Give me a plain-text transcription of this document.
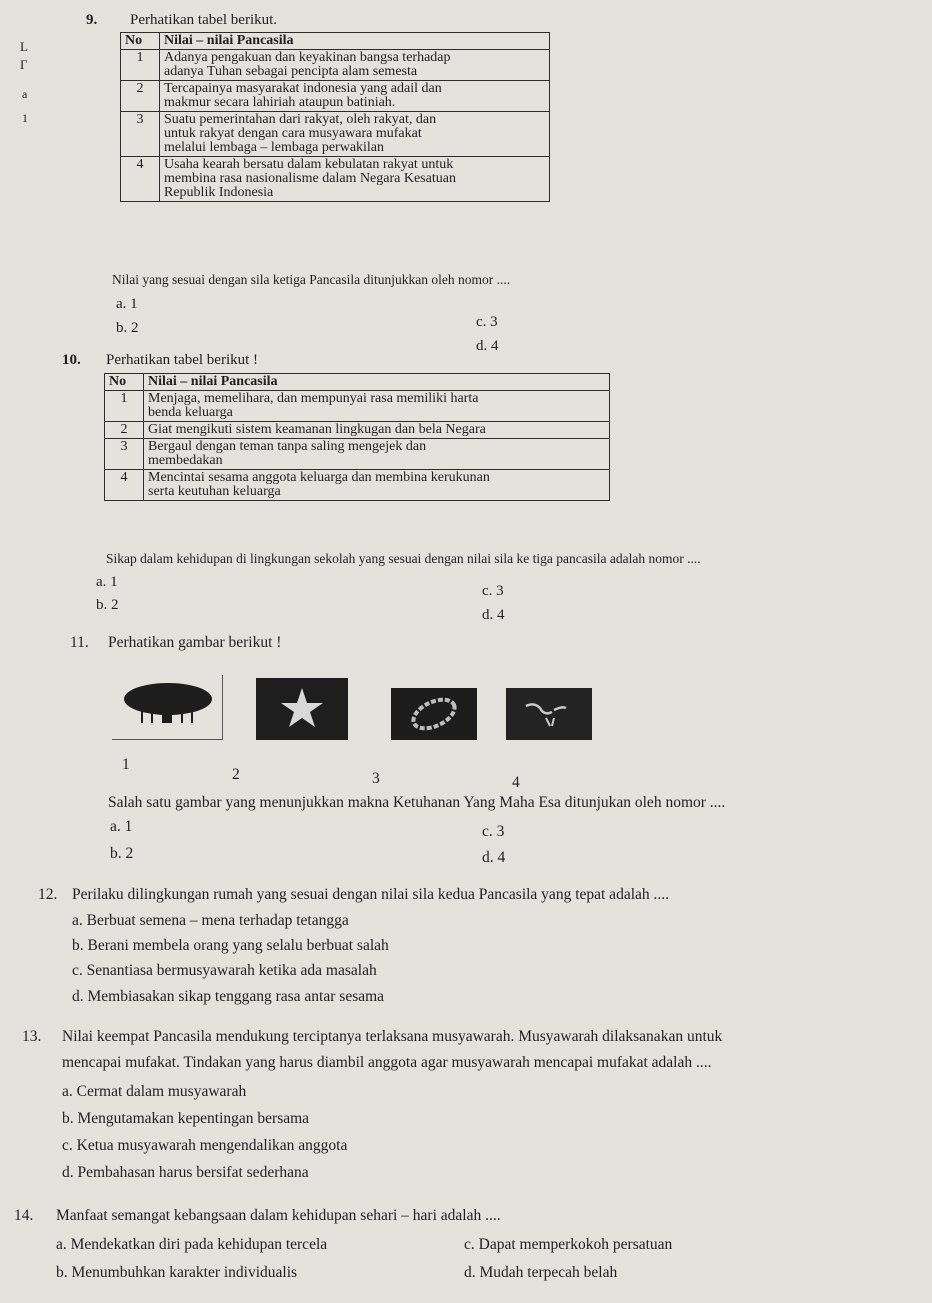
L
Γ
a
1
9. Perhatikan tabel berikut.
No	Nilai – nilai Pancasila
1	Adanya pengakuan dan keyakinan bangsa terhadap
adanya Tuhan sebagai pencipta alam semesta

2	Tercapainya masyarakat indonesia yang adail dan
makmur secara lahiriah ataupun batiniah.

3	Suatu pemerintahan dari rakyat, oleh rakyat, dan
untuk rakyat dengan cara musyawara mufakat
melalui lembaga – lembaga perwakilan

4	Usaha kearah bersatu dalam kebulatan rakyat untuk
membina rasa nasionalisme dalam Negara Kesatuan
Republik Indonesia
Nilai yang sesuai dengan sila ketiga Pancasila ditunjukkan oleh nomor ....
a. 1
b. 2	c. 3
d. 4
10. Perhatikan tabel berikut !
No	Nilai – nilai Pancasila
1	Menjaga, memelihara, dan mempunyai rasa memiliki harta
benda keluarga

2	Giat mengikuti sistem keamanan lingkugan dan bela Negara

3	Bergaul dengan teman tanpa saling mengejek dan
membedakan

4	Mencintai sesama anggota keluarga dan membina kerukunan
serta keutuhan keluarga
Sikap dalam kehidupan di lingkungan sekolah yang sesuai dengan nilai sila ke tiga pancasila adalah nomor ....
a. 1
b. 2
c. 3
d. 4
11. Perhatikan gambar berikut !
1
2	3	4
Salah satu gambar yang menunjukkan makna Ketuhanan Yang Maha Esa ditunjukan oleh nomor ....
a. 1
b. 2
c. 3
d. 4
12. Perilaku dilingkungan rumah yang sesuai dengan nilai sila kedua Pancasila yang tepat adalah ....
a. Berbuat semena – mena terhadap tetangga
b. Berani membela orang yang selalu berbuat salah
c. Senantiasa bermusyawarah ketika ada masalah
d. Membiasakan sikap tenggang rasa antar sesama
13. Nilai keempat Pancasila mendukung terciptanya terlaksana musyawarah. Musyawarah dilaksanakan untuk
mencapai mufakat. Tindakan yang harus diambil anggota agar musyawarah mencapai mufakat adalah ....
a. Cermat dalam musyawarah
b. Mengutamakan kepentingan bersama
c. Ketua musyawarah mengendalikan anggota
d. Pembahasan harus bersifat sederhana
14. Manfaat semangat kebangsaan dalam kehidupan sehari – hari adalah ....
a. Mendekatkan diri pada kehidupan tercela
b. Menumbuhkan karakter individualis
c. Dapat memperkokoh persatuan
d. Mudah terpecah belah
